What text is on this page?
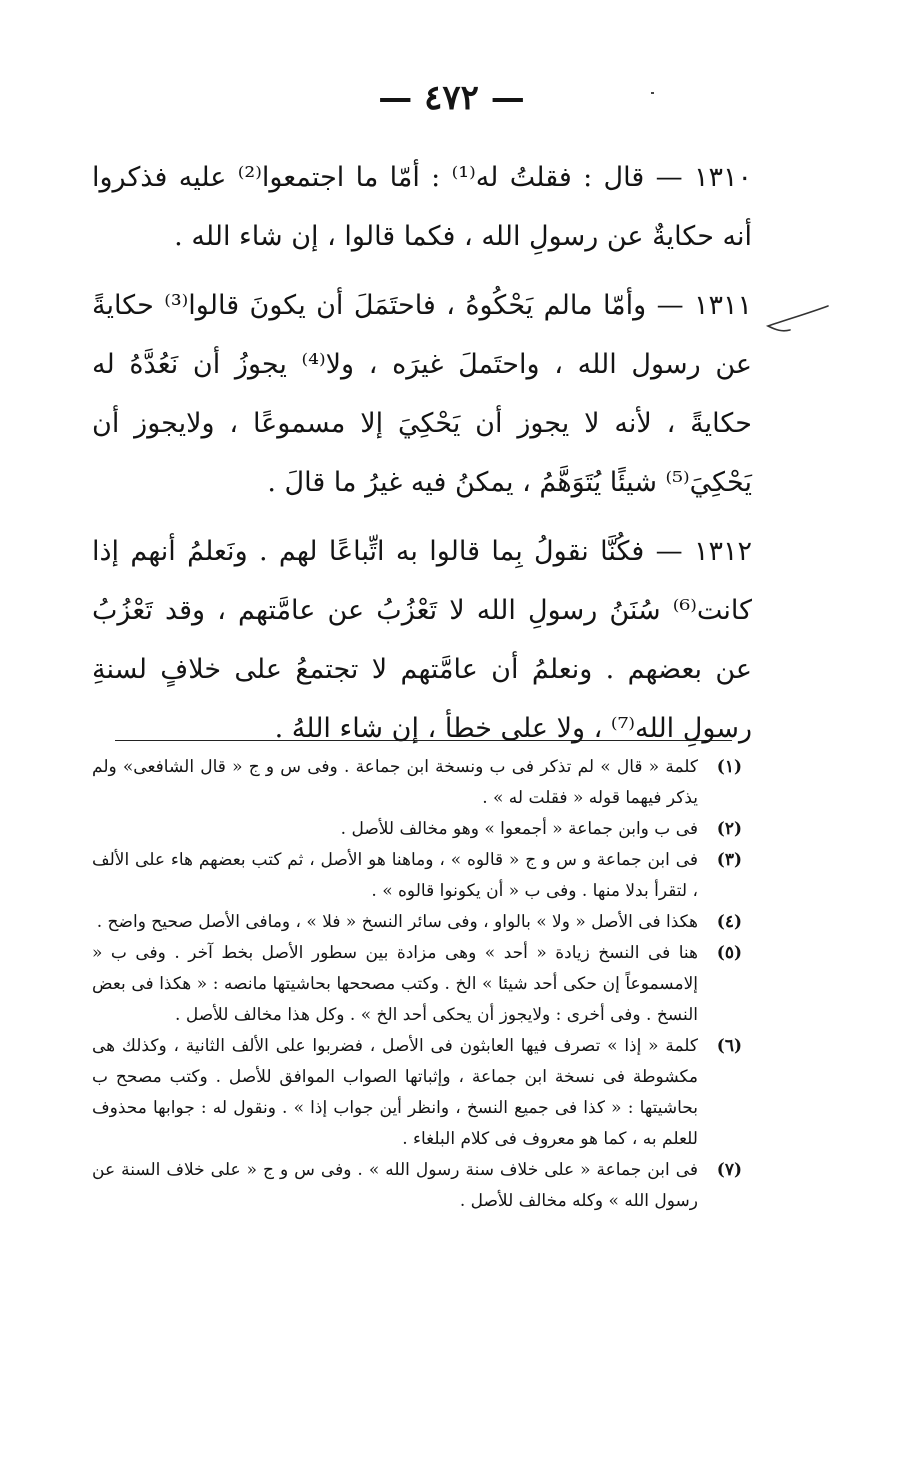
— ٤٧٢ —

١٣١٠ — قال : فقلتُ له⁽¹⁾ : أمّا ما اجتمعوا⁽²⁾ عليه فذكروا أنه حكايةٌ عن رسولِ الله ، فكما قالوا ، إن شاء الله .

١٣١١ — وأمّا مالم يَحْكُوهُ ، فاحتَمَلَ أن يكونَ قالوا⁽³⁾ حكايةً عن رسول الله ، واحتَملَ غيرَه ، ولا⁽⁴⁾ يجوزُ أن نَعُدَّهُ له حكايةً ، لأنه لا يجوز أن يَحْكِيَ إلا مسموعًا ، ولايجوز أن يَحْكِيَ⁽⁵⁾ شيئًا يُتَوَهَّمُ ، يمكنُ فيه غيرُ ما قالَ .

١٣١٢ — فكُنَّا نقولُ بِما قالوا به اتِّباعًا لهم . ونَعلمُ أنهم إذا كانت⁽⁶⁾ سُنَنُ رسولِ الله لا تَعْزُبُ عن عامَّتهم ، وقد تَعْزُبُ عن بعضهم . ونعلمُ أن عامَّتهم لا تجتمعُ على خلافٍ لسنةِ رسولِ الله⁽⁷⁾ ، ولا على خطأ ، إن شاء اللهُ .

(١)
كلمة « قال » لم تذكر فى ب ونسخة ابن جماعة . وفى س و ج « قال الشافعى» ولم يذكر فيهما قوله « فقلت له » .
(٢)
فى ب وابن جماعة « أجمعوا » وهو مخالف للأصل .
(٣)
فى ابن جماعة و س و ج « قالوه » ، وماهنا هو الأصل ، ثم كتب بعضهم هاء على الألف ، لتقرأ بدلا منها . وفى ب « أن يكونوا قالوه » .
(٤)
هكذا فى الأصل « ولا » بالواو ، وفى سائر النسخ « فلا » ، ومافى الأصل صحيح واضح .
(٥)
هنا فى النسخ زيادة « أحد » وهى مزادة بين سطور الأصل بخط آخر . وفى ب « إلامسموعاً إن حكى أحد شيئا » الخ . وكتب مصححها بحاشيتها مانصه : « هكذا فى بعض النسخ . وفى أخرى : ولايجوز أن يحكى أحد الخ » . وكل هذا مخالف للأصل .
(٦)
كلمة « إذا » تصرف فيها العابثون فى الأصل ، فضربوا على الألف الثانية ، وكذلك هى مكشوطة فى نسخة ابن جماعة ، وإثباتها الصواب الموافق للأصل . وكتب مصحح ب بحاشيتها : « كذا فى جميع النسخ ، وانظر أين جواب إذا » . ونقول له : جوابها محذوف للعلم به ، كما هو معروف فى كلام البلغاء .
(٧)
فى ابن جماعة « على خلاف سنة رسول الله » . وفى س و ج « على خلاف السنة عن رسول الله » وكله مخالف للأصل .
